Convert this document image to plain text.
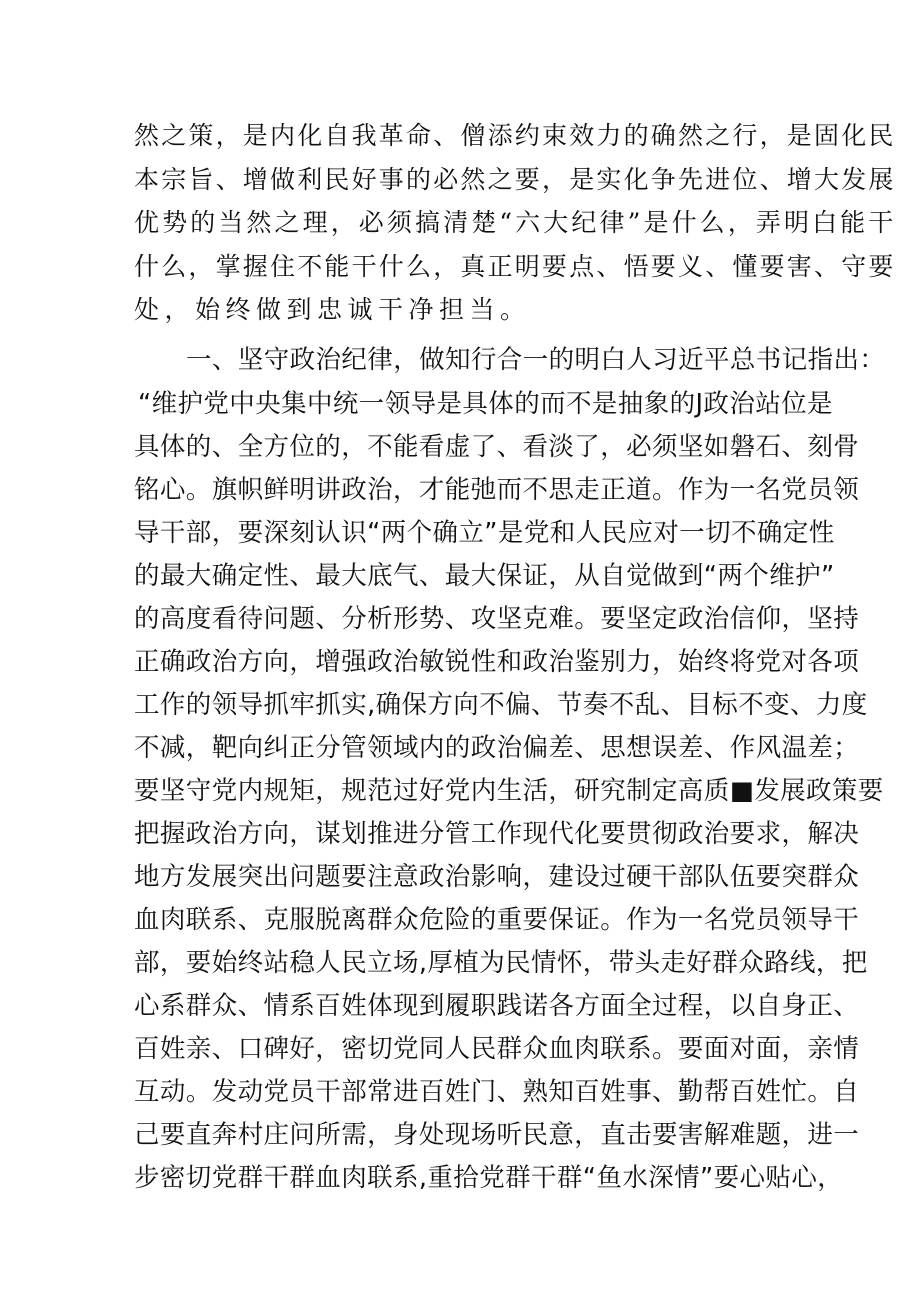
然之策，是内化自我革命、僧添约束效力的确然之行，是固化民
本宗旨、增做利民好事的必然之要，是实化争先进位、增大发展
优势的当然之理，必须搞清楚“六大纪律”是什么，弄明白能干
什么，掌握住不能干什么，真正明要点、悟要义、懂要害、守要
处，始终做到忠诚干净担当。
一、坚守政治纪律，做知行合一的明白人习近平总书记指出：
“维护党中央集中统一领导是具体的而不是抽象的J政治站位是
具体的、全方位的，不能看虚了、看淡了，必须坚如磐石、刻骨
铭心。旗帜鲜明讲政治，才能弛而不思走正道。作为一名党员领
导干部，要深刻认识“两个确立”是党和人民应对一切不确定性
的最大确定性、最大底气、最大保证，从自觉做到“两个维护”
的高度看待问题、分析形势、攻坚克难。要坚定政治信仰，坚持
正确政治方向，增强政治敏锐性和政治鉴别力，始终将党对各项
工作的领导抓牢抓实,确保方向不偏、节奏不乱、目标不变、力度
不减，靶向纠正分管领域内的政治偏差、思想误差、作风温差；
要坚守党内规矩，规范过好党内生活，研究制定高质■发展政策要
把握政治方向，谋划推进分管工作现代化要贯彻政治要求，解决
地方发展突出问题要注意政治影响，建设过硬干部队伍要突群众
血肉联系、克服脱离群众危险的重要保证。作为一名党员领导干
部，要始终站稳人民立场,厚植为民情怀，带头走好群众路线，把
心系群众、情系百姓体现到履职践诺各方面全过程，以自身正、
百姓亲、口碑好，密切党同人民群众血肉联系。要面对面，亲情
互动。发动党员干部常进百姓门、熟知百姓事、勤帮百姓忙。自
己要直奔村庄问所需，身处现场听民意，直击要害解难题，进一
步密切党群干群血肉联系,重拾党群干群“鱼水深情”要心贴心，
